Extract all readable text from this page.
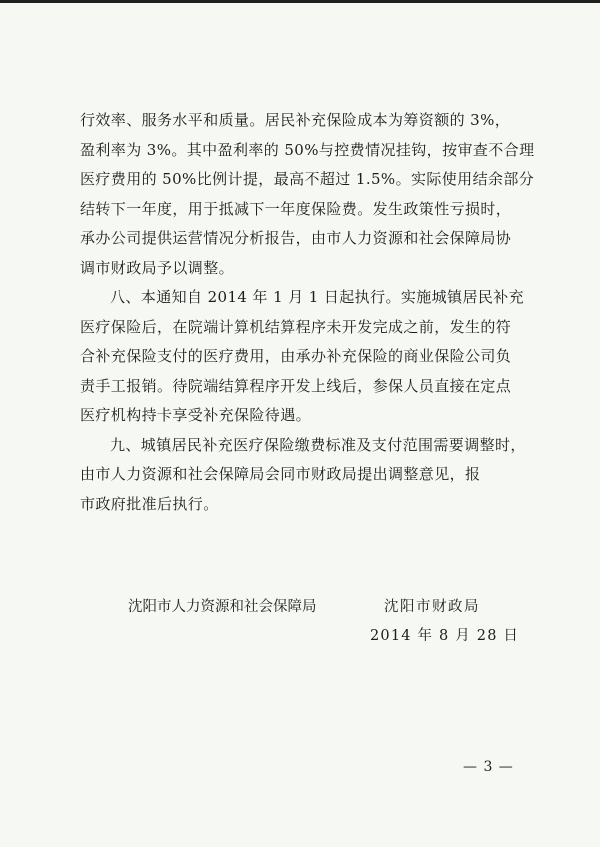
行效率、服务水平和质量。居民补充保险成本为筹资额的 3%，
盈利率为 3%。其中盈利率的 50%与控费情况挂钩，按审查不合理
医疗费用的 50%比例计提，最高不超过 1.5%。实际使用结余部分
结转下一年度，用于抵减下一年度保险费。发生政策性亏损时，
承办公司提供运营情况分析报告，由市人力资源和社会保障局协
调市财政局予以调整。

八、本通知自 2014 年 1 月 1 日起执行。实施城镇居民补充
医疗保险后，在院端计算机结算程序未开发完成之前，发生的符
合补充保险支付的医疗费用，由承办补充保险的商业保险公司负
责手工报销。待院端结算程序开发上线后，参保人员直接在定点
医疗机构持卡享受补充保险待遇。

九、城镇居民补充医疗保险缴费标准及支付范围需要调整时，
由市人力资源和社会保障局会同市财政局提出调整意见，报
市政府批准后执行。

沈阳市人力资源和社会保障局	沈阳市财政局
2014 年 8 月 28 日
— 3 —
